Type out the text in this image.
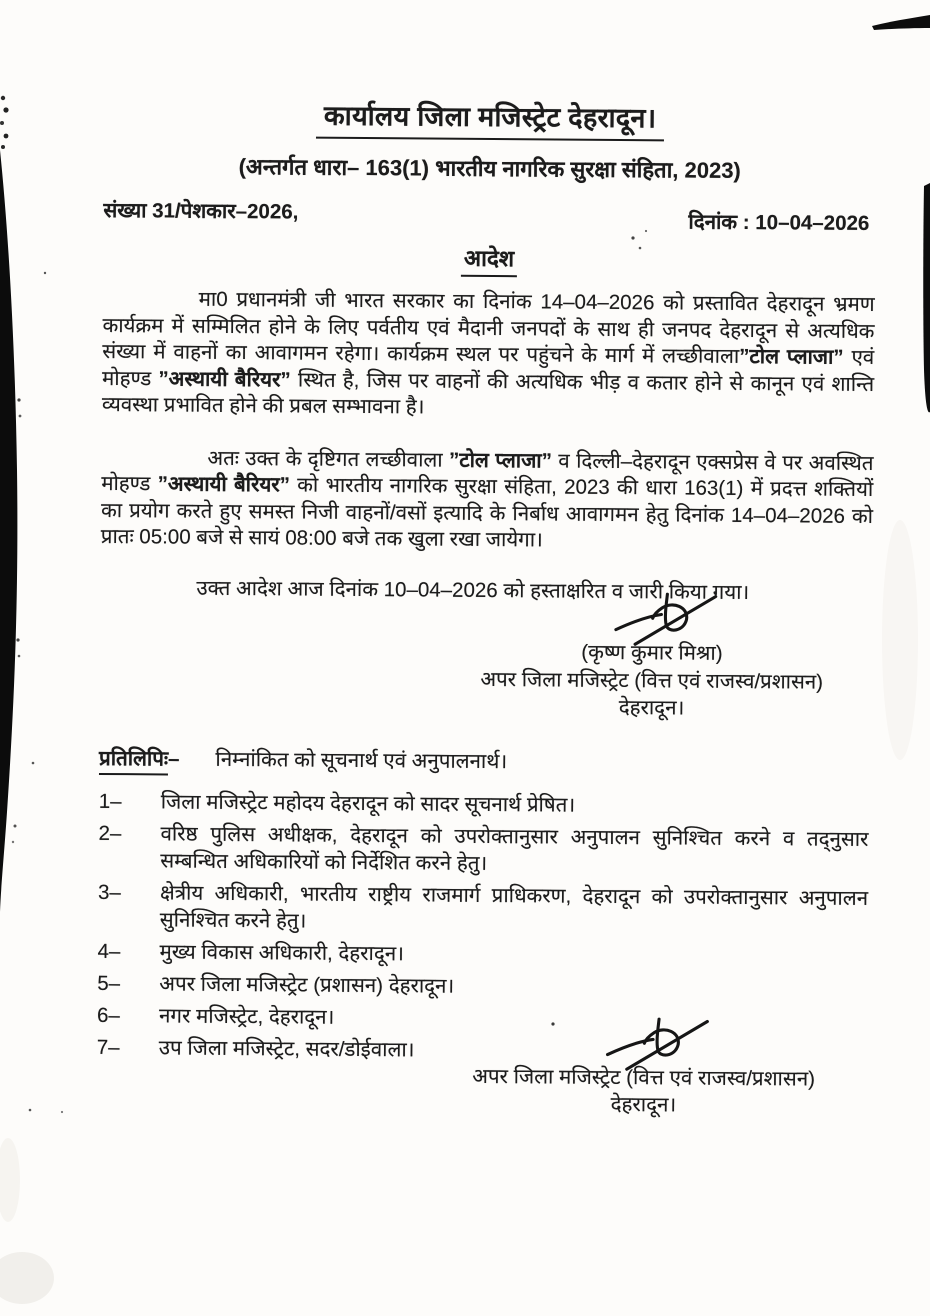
कार्यालय जिला मजिस्ट्रेट देहरादून।
(अन्तर्गत धारा– 163(1) भारतीय नागरिक सुरक्षा संहिता, 2023)
संख्या 31/पेशकार–2026,	दिनांक : 10–04–2026
आदेश

मा0 प्रधानमंत्री जी भारत सरकार का दिनांक 14–04–2026 को प्रस्तावित देहरादून भ्रमण कार्यक्रम में सम्मिलित होने के लिए पर्वतीय एवं मैदानी जनपदों के साथ ही जनपद देहरादून से अत्यधिक संख्या में वाहनों का आवागमन रहेगा। कार्यक्रम स्थल पर पहुंचने के मार्ग में लच्छीवाला”टोल प्लाजा” एवं मोहण्ड ”अस्थायी बैरियर” स्थित है, जिस पर वाहनों की अत्यधिक भीड़ व कतार होने से कानून एवं शान्ति व्यवस्था प्रभावित होने की प्रबल सम्भावना है।

अतः उक्त के दृष्टिगत लच्छीवाला ”टोल प्लाजा” व दिल्ली–देहरादून एक्सप्रेस वे पर अवस्थित मोहण्ड ”अस्थायी बैरियर” को भारतीय नागरिक सुरक्षा संहिता, 2023 की धारा 163(1) में प्रदत्त शक्तियों का प्रयोग करते हुए समस्त निजी वाहनों/वसों इत्यादि के निर्बाध आवागमन हेतु दिनांक 14–04–2026 को प्रातः 05:00 बजे से सायं 08:00 बजे तक खुला रखा जायेगा।

उक्त आदेश आज दिनांक 10–04–2026 को हस्ताक्षरित व जारी किया गया।

(कृष्ण कुमार मिश्रा)
अपर जिला मजिस्ट्रेट (वित्त एवं राजस्व/प्रशासन)
देहरादून।
प्रतिलिपिः – निम्नांकित को सूचनार्थ एवं अनुपालनार्थ।
1–	जिला मजिस्ट्रेट महोदय देहरादून को सादर सूचनार्थ प्रेषित।
2–	वरिष्ठ पुलिस अधीक्षक, देहरादून को उपरोक्तानुसार अनुपालन सुनिश्चित करने व तद्नुसार सम्बन्धित अधिकारियों को निर्देशित करने हेतु।
3–	क्षेत्रीय अधिकारी, भारतीय राष्ट्रीय राजमार्ग प्राधिकरण, देहरादून को उपरोक्तानुसार अनुपालन सुनिश्चित करने हेतु।
4–	मुख्य विकास अधिकारी, देहरादून।
5–	अपर जिला मजिस्ट्रेट (प्रशासन) देहरादून।
6–	नगर मजिस्ट्रेट, देहरादून।
7–	उप जिला मजिस्ट्रेट, सदर/डोईवाला।
अपर जिला मजिस्ट्रेट (वित्त एवं राजस्व/प्रशासन)
देहरादून।
